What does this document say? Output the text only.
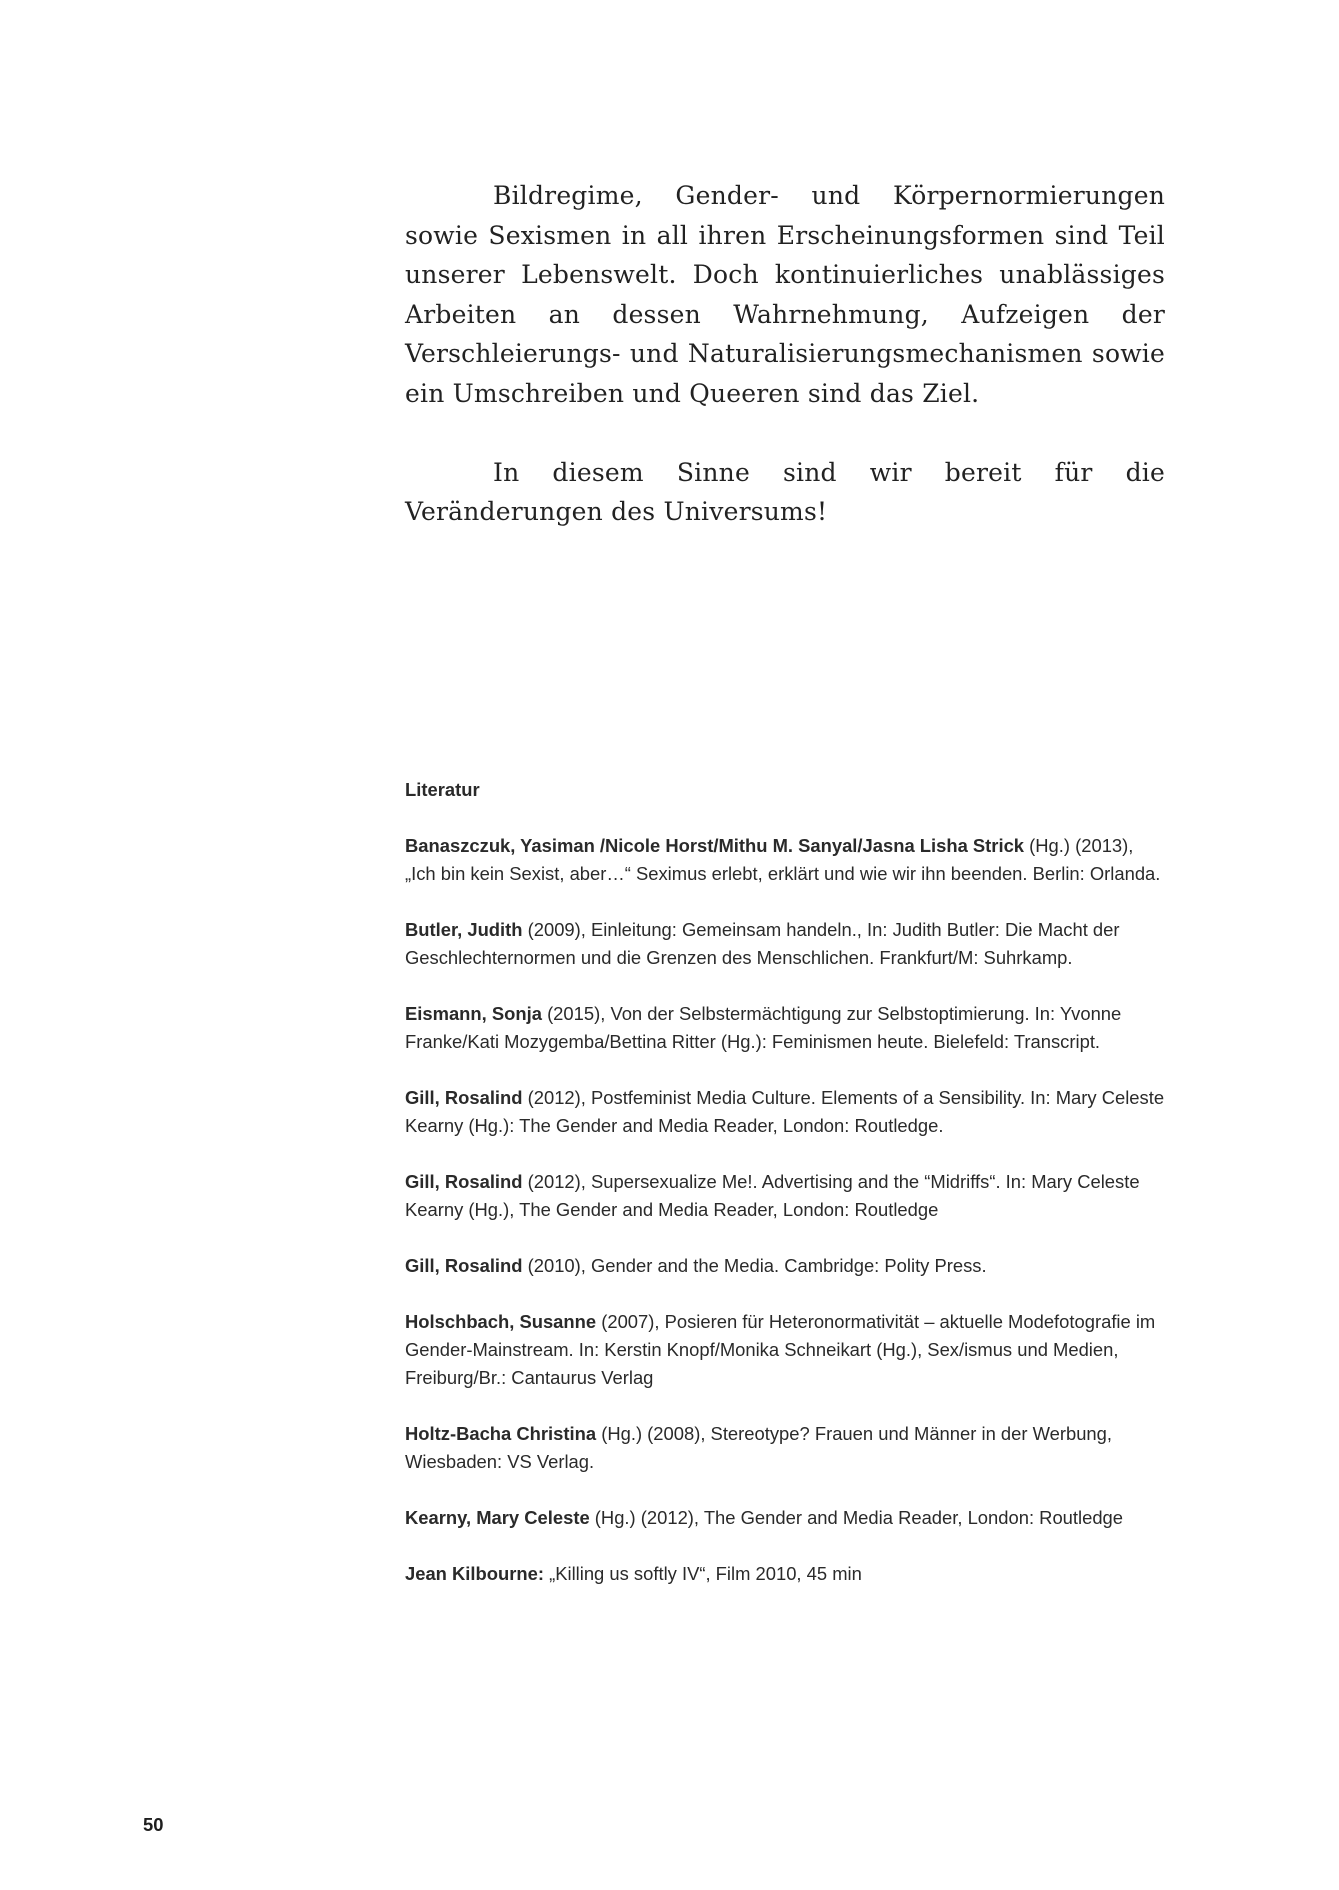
Bildregime, Gender- und Körpernormierungen sowie Sexismen in all ihren Erscheinungsformen sind Teil unserer Lebenswelt. Doch kontinuierliches unablässiges Arbeiten an dessen Wahrnehmung, Aufzeigen der Verschleierungs- und Naturalisierungsmechanismen sowie ein Umschreiben und Queeren sind das Ziel.

In diesem Sinne sind wir bereit für die Veränderungen des Universums!

Literatur
Banaszczuk, Yasiman /Nicole Horst/Mithu M. Sanyal/Jasna Lisha Strick (Hg.) (2013), „Ich bin kein Sexist, aber…“ Seximus erlebt, erklärt und wie wir ihn beenden. Berlin: Orlanda.
Butler, Judith (2009), Einleitung: Gemeinsam handeln., In: Judith Butler: Die Macht der Geschlechternormen und die Grenzen des Menschlichen. Frankfurt/M: Suhrkamp.
Eismann, Sonja (2015), Von der Selbstermächtigung zur Selbstoptimierung. In: Yvonne Franke/Kati Mozygemba/Bettina Ritter (Hg.): Feminismen heute. Bielefeld: Transcript.
Gill, Rosalind (2012), Postfeminist Media Culture. Elements of a Sensibility. In: Mary Celeste Kearny (Hg.): The Gender and Media Reader, London: Routledge.
Gill, Rosalind (2012), Supersexualize Me!. Advertising and the “Midriffs“. In: Mary Celeste Kearny (Hg.), The Gender and Media Reader, London: Routledge
Gill, Rosalind (2010), Gender and the Media. Cambridge: Polity Press.
Holschbach, Susanne (2007), Posieren für Heteronormativität – aktuelle Modefotografie im Gender-Mainstream. In: Kerstin Knopf/Monika Schneikart (Hg.), Sex/ismus und Medien, Freiburg/Br.: Cantaurus Verlag
Holtz-Bacha Christina (Hg.) (2008), Stereotype? Frauen und Männer in der Werbung, Wiesbaden: VS Verlag.
Kearny, Mary Celeste (Hg.) (2012), The Gender and Media Reader, London: Routledge
Jean Kilbourne: „Killing us softly IV“, Film 2010, 45 min
50
